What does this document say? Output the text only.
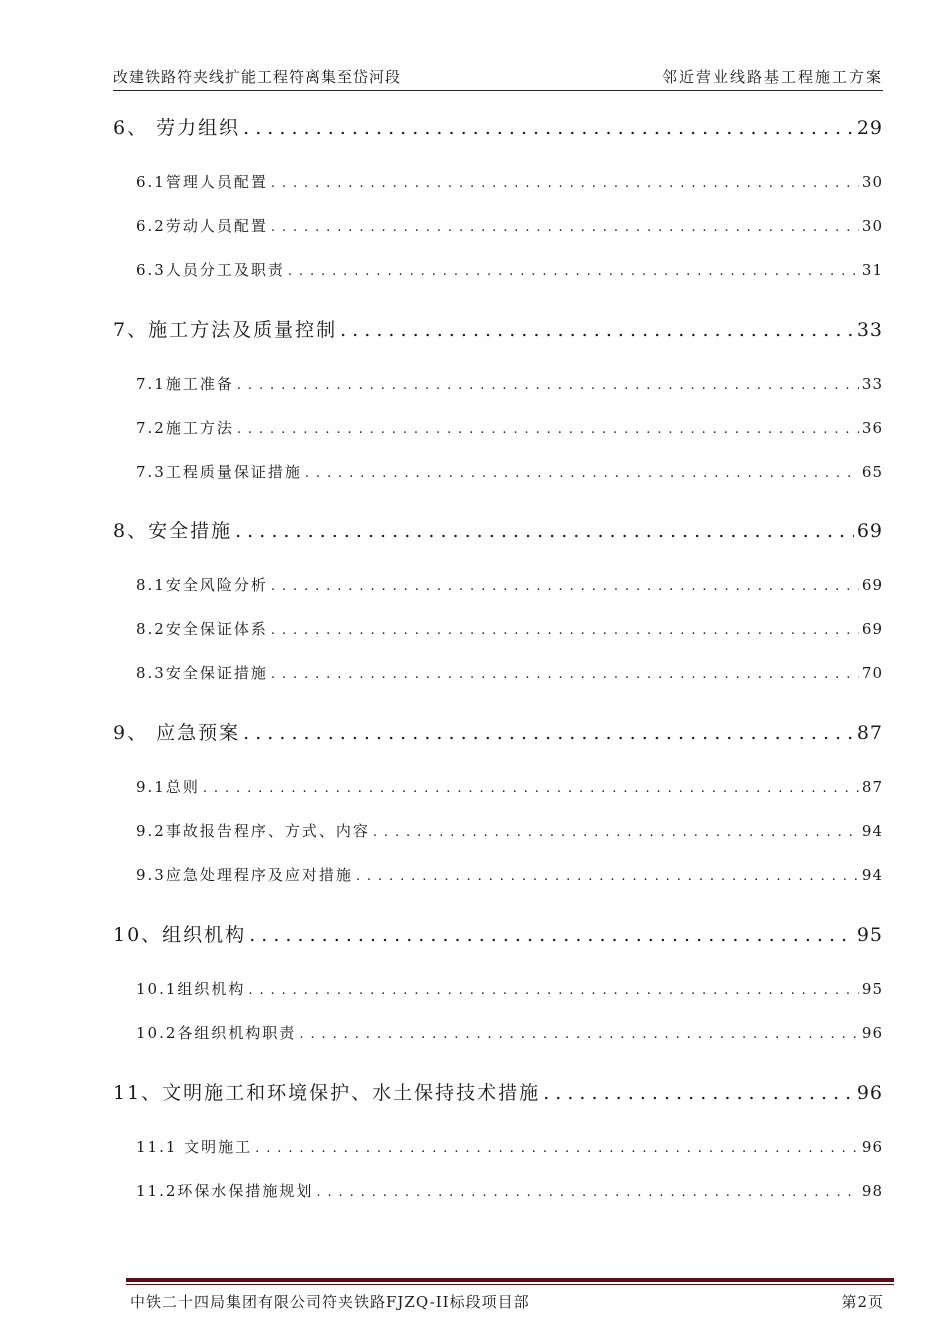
改建铁路符夹线扩能工程符离集至岱河段	邻近营业线路基工程施工方案
6、 劳力组织 . . .	29
6.1管理人员配置 . . .	30
6.2劳动人员配置 . . .	30
6.3人员分工及职责 . . .	31
7、施工方法及质量控制 . . .	33
7.1施工准备 . . .	33
7.2施工方法 . . .	36
7.3工程质量保证措施 . . .	65
8、安全措施 . . .	69
8.1安全风险分析 . . .	69
8.2安全保证体系 . . .	69
8.3安全保证措施 . . .	70
9、 应急预案 . . .	87
9.1总则 . . .	87
9.2事故报告程序、方式、内容 . . .	94
9.3应急处理程序及应对措施 . . .	94
10、组织机构 . . .	95
10.1组织机构 . . .	95
10.2各组织机构职责 . . .	96
11、文明施工和环境保护、水土保持技术措施 . . .	96
11.1 文明施工 . . .	96
11.2环保水保措施规划 . . .	98
中铁二十四局集团有限公司符夹铁路FJZQ-II标段项目部	第2页
